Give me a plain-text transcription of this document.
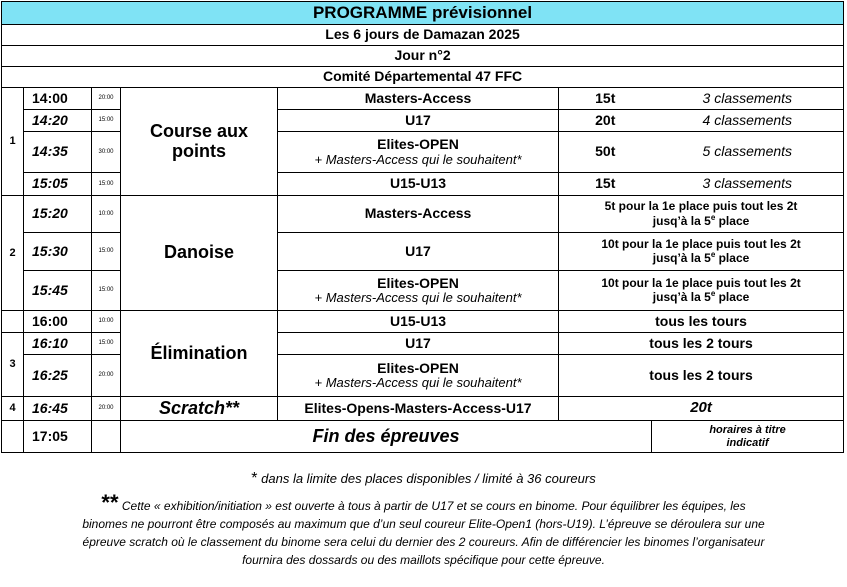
PROGRAMME prévisionnel						
Les 6 jours de Damazan 2025						
Jour n°2						
Comité Départemental 47 FFC						
1	14:00	20:00	Course aux points	Masters-Access	15t	3 classements
	14:20	15:00		U17	20t	4 classements
	14:35	30:00		Elites-OPEN
+ Masters-Access qui le souhaitent*	50t	5 classements
	15:05	15:00		U15-U13	15t	3 classements
2	15:20	10:00	Danoise	Masters-Access	5t pour la 1e place puis tout les 2t
jusq’à la 5e place	
	15:30	15:00		U17	10t pour la 1e place puis tout les 2t
jusq’à la 5e place	
	15:45	15:00		Elites-OPEN
+ Masters-Access qui le souhaitent*	10t pour la 1e place puis tout les 2t
jusq’à la 5e place	
	16:00	10:00	Élimination	U15-U13	tous les tours	
3	16:10	15:00		U17	tous les 2 tours	
	16:25	20:00		Elites-OPEN
+ Masters-Access qui le souhaitent*	tous les 2 tours	
4	16:45	20:00	Scratch**	Elites-Opens-Masters-Access-U17	20t	
	17:05		Fin des épreuves			horaires à titre
indicatif
* dans la limite des places disponibles / limité à 36 coureurs
** Cette « exhibition/initiation » est ouverte à tous à partir de U17 et se cours en binome. Pour équilibrer les équipes, les
binomes ne pourront être composés au maximum que d’un seul coureur Elite-Open1 (hors-U19). L’épreuve se déroulera sur une
épreuve scratch où le classement du binome sera celui du dernier des 2 coureurs. Afin de différencier les binomes l’organisateur
fournira des dossards ou des maillots spécifique pour cette épreuve.
